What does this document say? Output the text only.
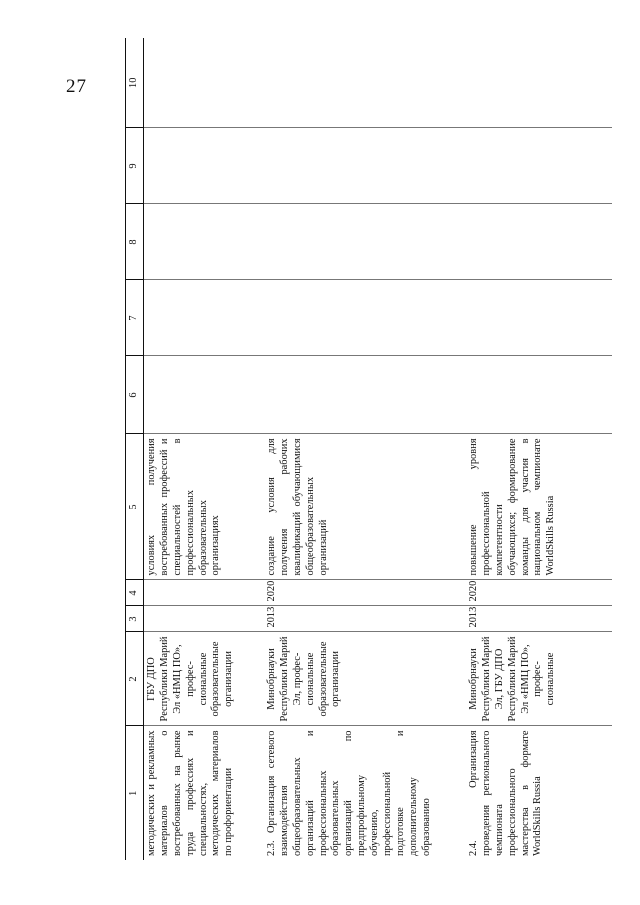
27
1	2	3	4	5	6	7	8	9	10
методических и рекламных материалов о востребованных на рынке труда профессиях и специальностях, методических материалов по профориентации	ГБУ ДПО Республики Марий Эл «НМЦ ПО», профес-сиональные образовательные организации			условиях получения востребованных профессий и специальностей в профессиональных образовательных организациях					
2.3. Организация сетевого взаимодействия общеобразовательных организаций и профессиональных образовательных организаций по предпрофильному обучению, профессиональной подготовке и дополнительному образованию	Минобрнауки Республики Марий Эл, профес-сиональные образовательные организации	2013	2020	создание условия для получения рабочих квалификаций обучающимися общеобразовательных организаций					
2.4. Организация проведения регионального чемпионата профессионального мастерства в формате WorldSkills Russia	Минобрнауки Республики Марий Эл, ГБУ ДПО Республики Марий Эл «НМЦ ПО», профес-сиональные	2013	2020	повышение уровня профессиональной компетентности обучающихся; формирование команды для участия в национальном чемпионате WorldSkills Russia					
